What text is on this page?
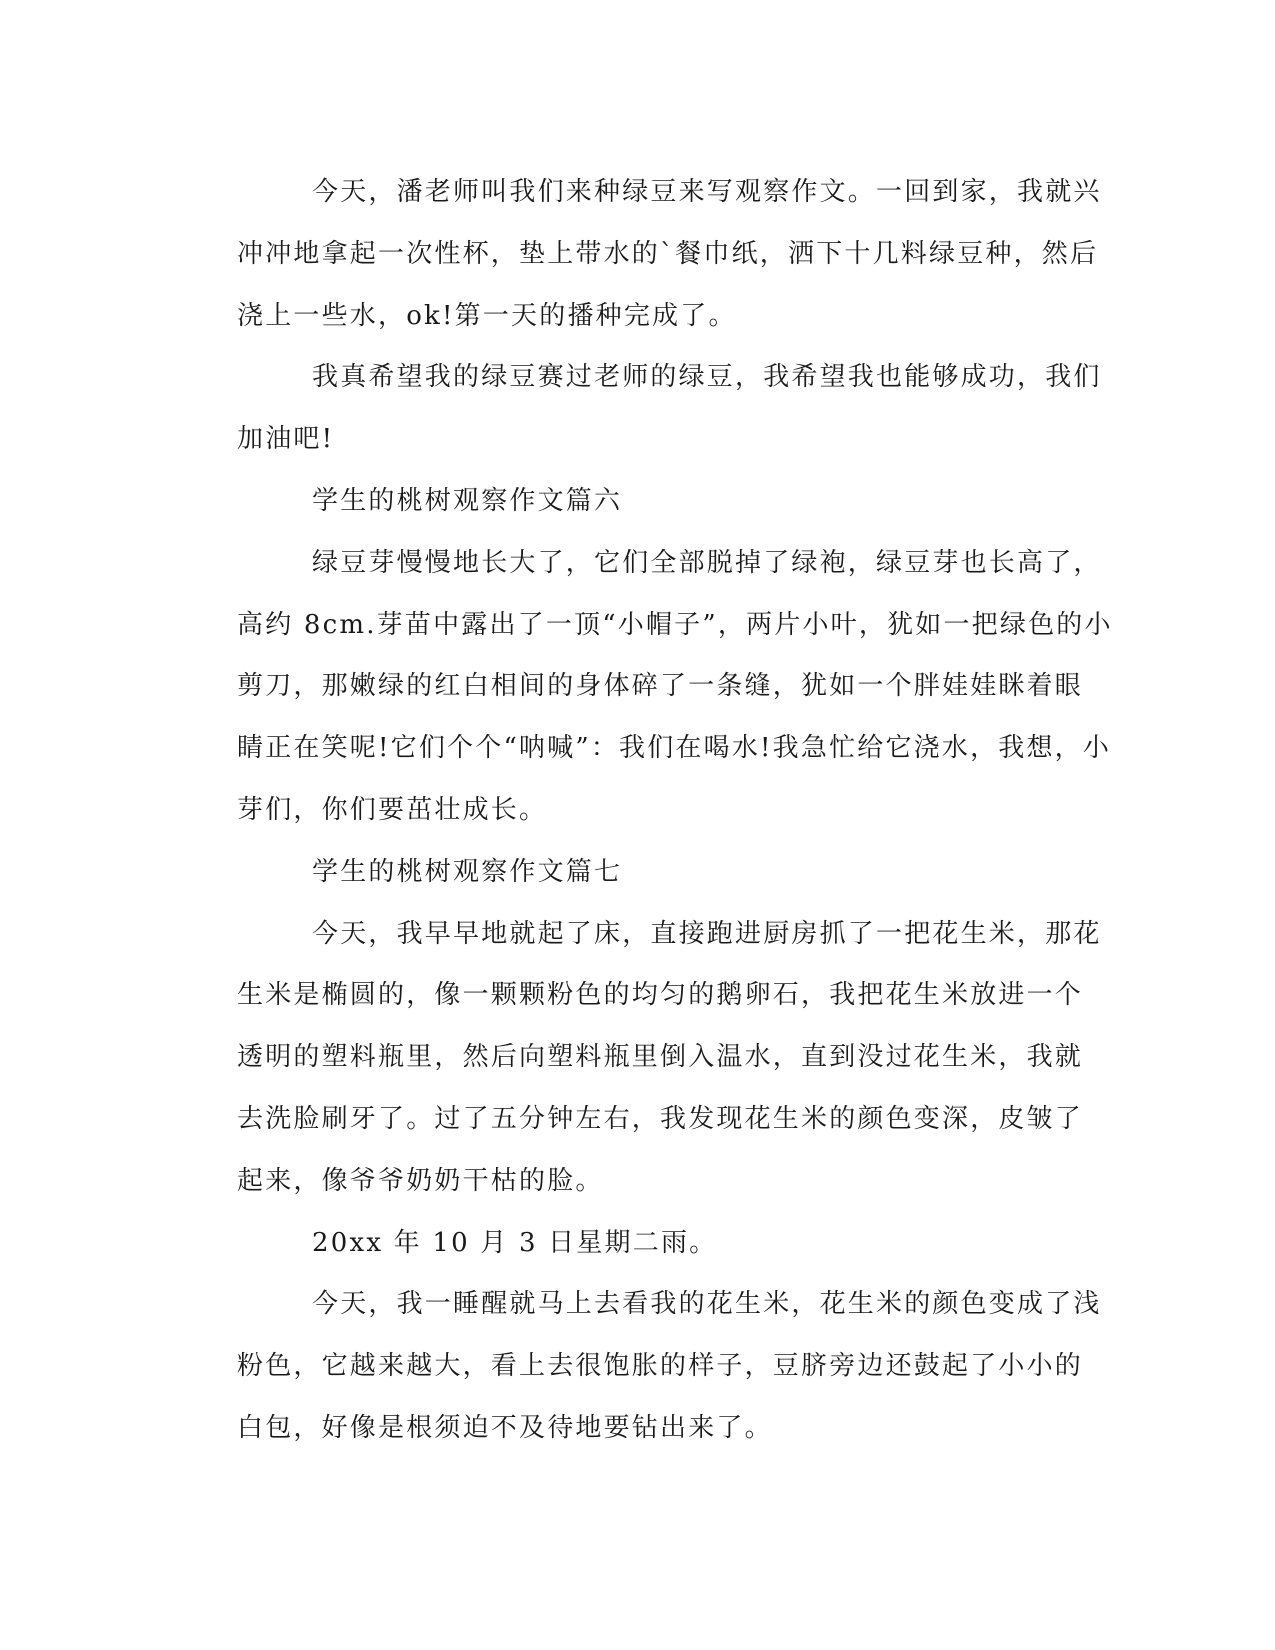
今天，潘老师叫我们来种绿豆来写观察作文。一回到家，我就兴
冲冲地拿起一次性杯，垫上带水的`餐巾纸，洒下十几料绿豆种，然后
浇上一些水，ok!第一天的播种完成了。
我真希望我的绿豆赛过老师的绿豆，我希望我也能够成功，我们
加油吧!
学生的桃树观察作文篇六
绿豆芽慢慢地长大了，它们全部脱掉了绿袍，绿豆芽也长高了，
高约 8cm.芽苗中露出了一顶“小帽子”，两片小叶，犹如一把绿色的小
剪刀，那嫩绿的红白相间的身体碎了一条缝，犹如一个胖娃娃眯着眼
睛正在笑呢!它们个个“呐喊”：我们在喝水!我急忙给它浇水，我想，小
芽们，你们要茁壮成长。
学生的桃树观察作文篇七
今天，我早早地就起了床，直接跑进厨房抓了一把花生米，那花
生米是椭圆的，像一颗颗粉色的均匀的鹅卵石，我把花生米放进一个
透明的塑料瓶里，然后向塑料瓶里倒入温水，直到没过花生米，我就
去洗脸刷牙了。过了五分钟左右，我发现花生米的颜色变深，皮皱了
起来，像爷爷奶奶干枯的脸。
20xx 年 10 月 3 日星期二雨。
今天，我一睡醒就马上去看我的花生米，花生米的颜色变成了浅
粉色，它越来越大，看上去很饱胀的样子，豆脐旁边还鼓起了小小的
白包，好像是根须迫不及待地要钻出来了。
